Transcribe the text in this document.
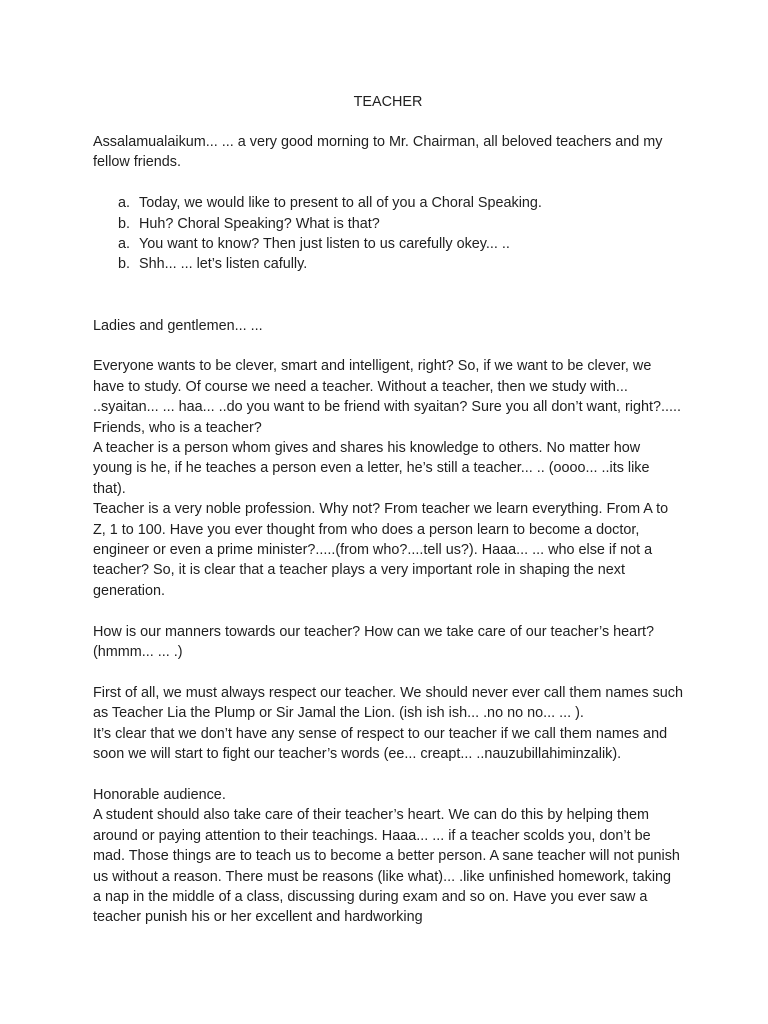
TEACHER

Assalamualaikum... ... a very good morning to Mr. Chairman, all beloved teachers and my fellow friends.

a. Today, we would like to present to all of you a Choral Speaking.
b. Huh? Choral Speaking? What is that?
a. You want to know? Then just listen to us carefully okey... ..
b. Shh... ... let’s listen cafully.

Ladies and gentlemen... ...

Everyone wants to be clever, smart and intelligent, right? So, if we want to be clever, we have to study. Of course we need a teacher. Without a teacher, then we study with... ..syaitan... ... haa... ..do you want to be friend with syaitan? Sure you all don’t want, right?.....

Friends, who is a teacher?

A teacher is a person whom gives and shares his knowledge to others. No matter how young is he, if he teaches a person even a letter, he’s still a teacher... .. (oooo... ..its like that).

Teacher is a very noble profession. Why not? From teacher we learn everything. From A to Z, 1 to 100. Have you ever thought from who does a person learn to become a doctor, engineer or even a prime minister?.....(from who?....tell us?). Haaa... ... who else if not a teacher? So, it is clear that a teacher plays a very important role in shaping the next generation.

How is our manners towards our teacher? How can we take care of our teacher’s heart?(hmmm... ... .)

First of all, we must always respect our teacher. We should never ever call them names such as Teacher Lia the Plump or Sir Jamal the Lion. (ish ish ish... .no no no... ... ).

It’s clear that we don’t have any sense of respect to our teacher if we call them names and soon we will start to fight our teacher’s words (ee... creapt... ..nauzubillahiminzalik).

Honorable audience.

A student should also take care of their teacher’s heart. We can do this by helping them around or paying attention to their teachings. Haaa... ... if a teacher scolds you, don’t be mad. Those things are to teach us to become a better person. A sane teacher will not punish us without a reason. There must be reasons (like what)... .like unfinished homework, taking a nap in the middle of a class, discussing during exam and so on. Have you ever saw a teacher punish his or her excellent and hardworking
